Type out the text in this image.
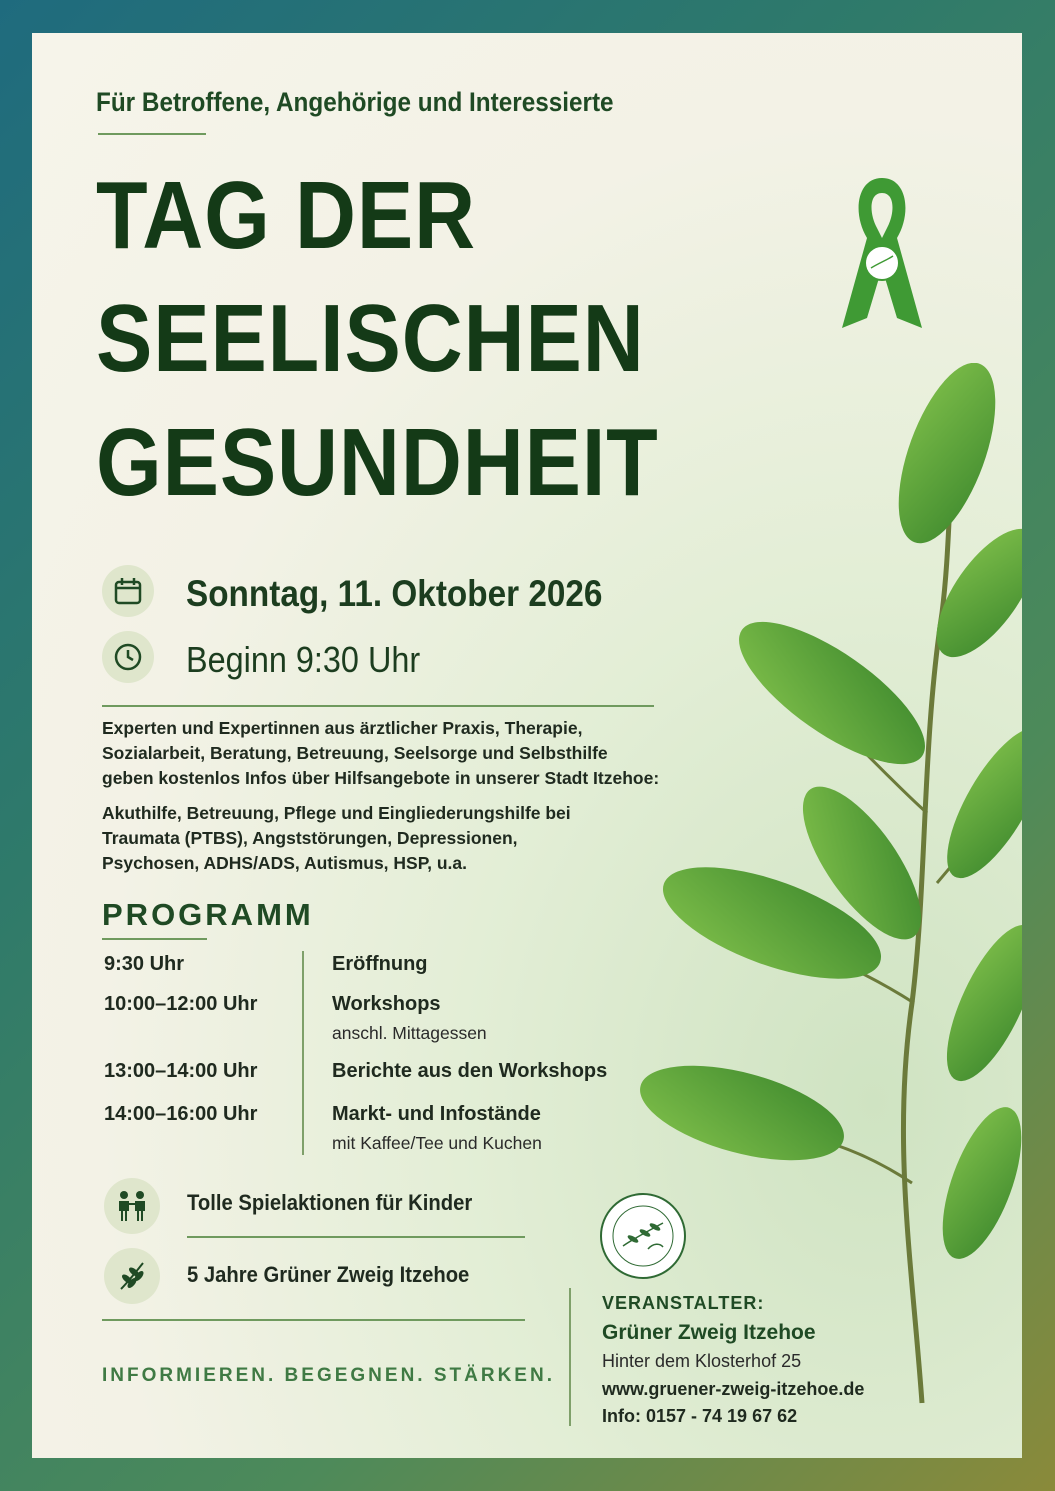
Für Betroffene, Angehörige und Interessierte
TAG DER
SEELISCHEN
GESUNDHEIT
Sonntag, 11. Oktober 2026
Beginn 9:30 Uhr
Experten und Expertinnen aus ärztlicher Praxis, Therapie,
Sozialarbeit, Beratung, Betreuung, Seelsorge und Selbsthilfe
geben kostenlos Infos über Hilfsangebote in unserer Stadt Itzehoe:
Akuthilfe, Betreuung, Pflege und Eingliederungshilfe bei
Traumata (PTBS), Angststörungen, Depressionen,
Psychosen, ADHS/ADS, Autismus, HSP, u.a.
PROGRAMM
9:30 Uhr	Eröffnung
10:00–12:00 Uhr	Workshops
anschl. Mittagessen
13:00–14:00 Uhr	Berichte aus den Workshops
14:00–16:00 Uhr	Markt- und Infostände
mit Kaffee/Tee und Kuchen
Tolle Spielaktionen für Kinder
5 Jahre Grüner Zweig Itzehoe
INFORMIEREN. BEGEGNEN. STÄRKEN.
VERANSTALTER:
Grüner Zweig Itzehoe
Hinter dem Klosterhof 25
www.gruener-zweig-itzehoe.de
Info: 0157 - 74 19 67 62
